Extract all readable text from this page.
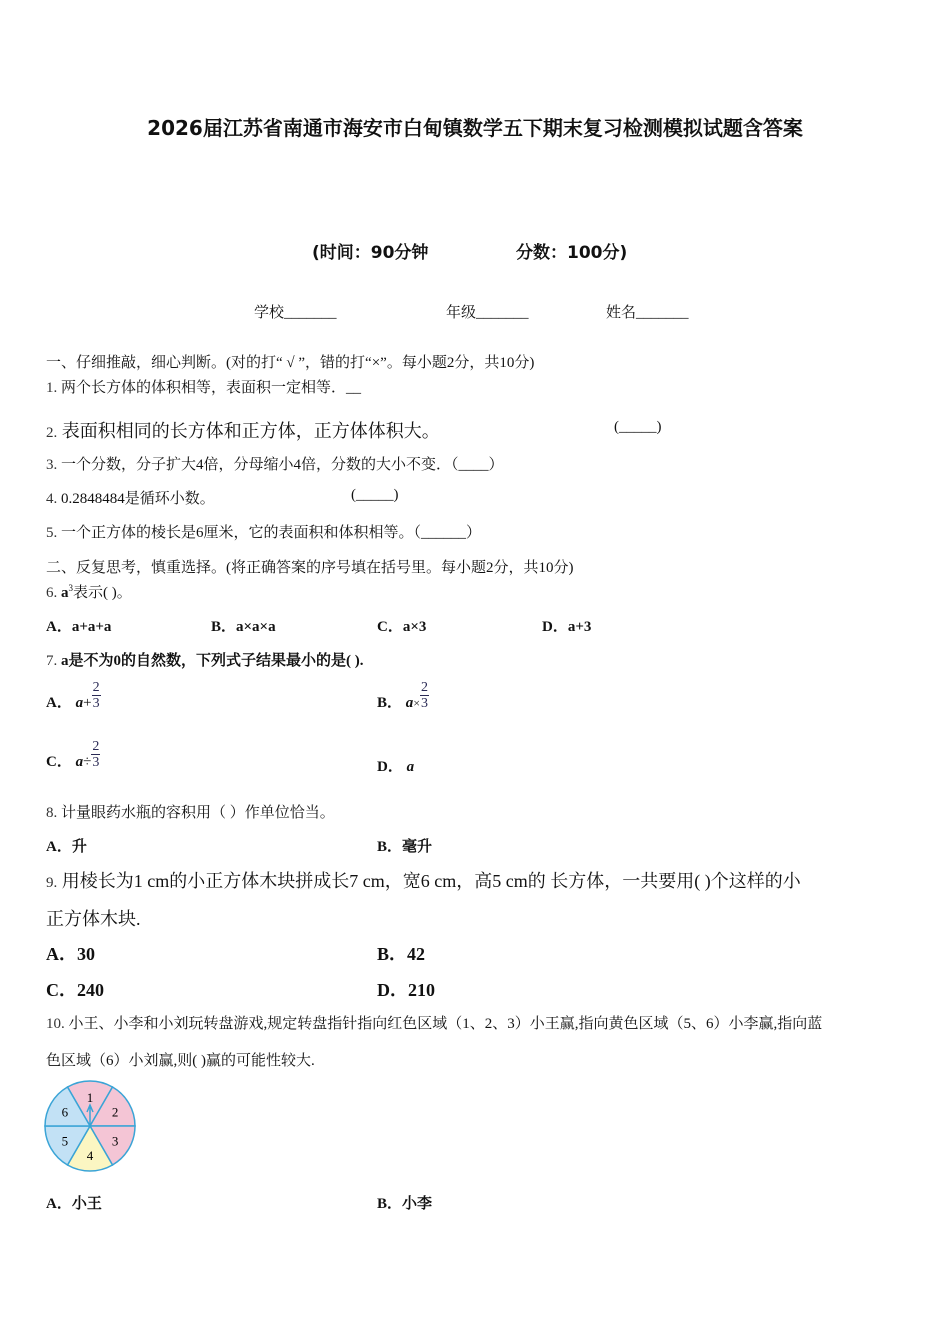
2026届江苏省南通市海安市白甸镇数学五下期末复习检测模拟试题含答案
(时间：90分钟	分数：100分)
学校_______	年级_______	姓名_______
一、仔细推敲，细心判断。(对的打“ √ ”，错的打“×”。每小题2分，共10分)
1. 两个长方体的体积相等，表面积一定相等．__
2. 表面积相同的长方体和正方体，正方体体积大。	(_____)
3. 一个分数，分子扩大4倍，分母缩小4倍，分数的大小不变．（____）
4. 0.2848484是循环小数。	(_____)
5. 一个正方体的棱长是6厘米，它的表面积和体积相等。（______）
二、反复思考，慎重选择。(将正确答案的序号填在括号里。每小题2分，共10分)
6. $a^3$表示( )。
A．a+a+a	B．a×a×a	C．a×3	D．a+3
7. a是不为0的自然数，下列式子结果最小的是( ).
A． $a+ \frac{2}{3}$	B． $a\times \frac{2}{3}$
C． $a\div \frac{2}{3}$	D． a
8. 计量眼药水瓶的容积用（ ）作单位恰当。
A．升	B．毫升
9. 用棱长为1 cm的小正方体木块拼成长7 cm，宽6 cm，高5 cm的 长方体，一共要用( )个这样的小
正方体木块.
A．30	B．42
C．240	D．210
10. 小王、小李和小刘玩转盘游戏,规定转盘指针指向红色区域（1、2、3）小王赢,指向黄色区域（5、6）小李赢,指向蓝
色区域（6）小刘赢,则( )赢的可能性较大.
1
2
3
4
5
6
A．小王	B．小李
